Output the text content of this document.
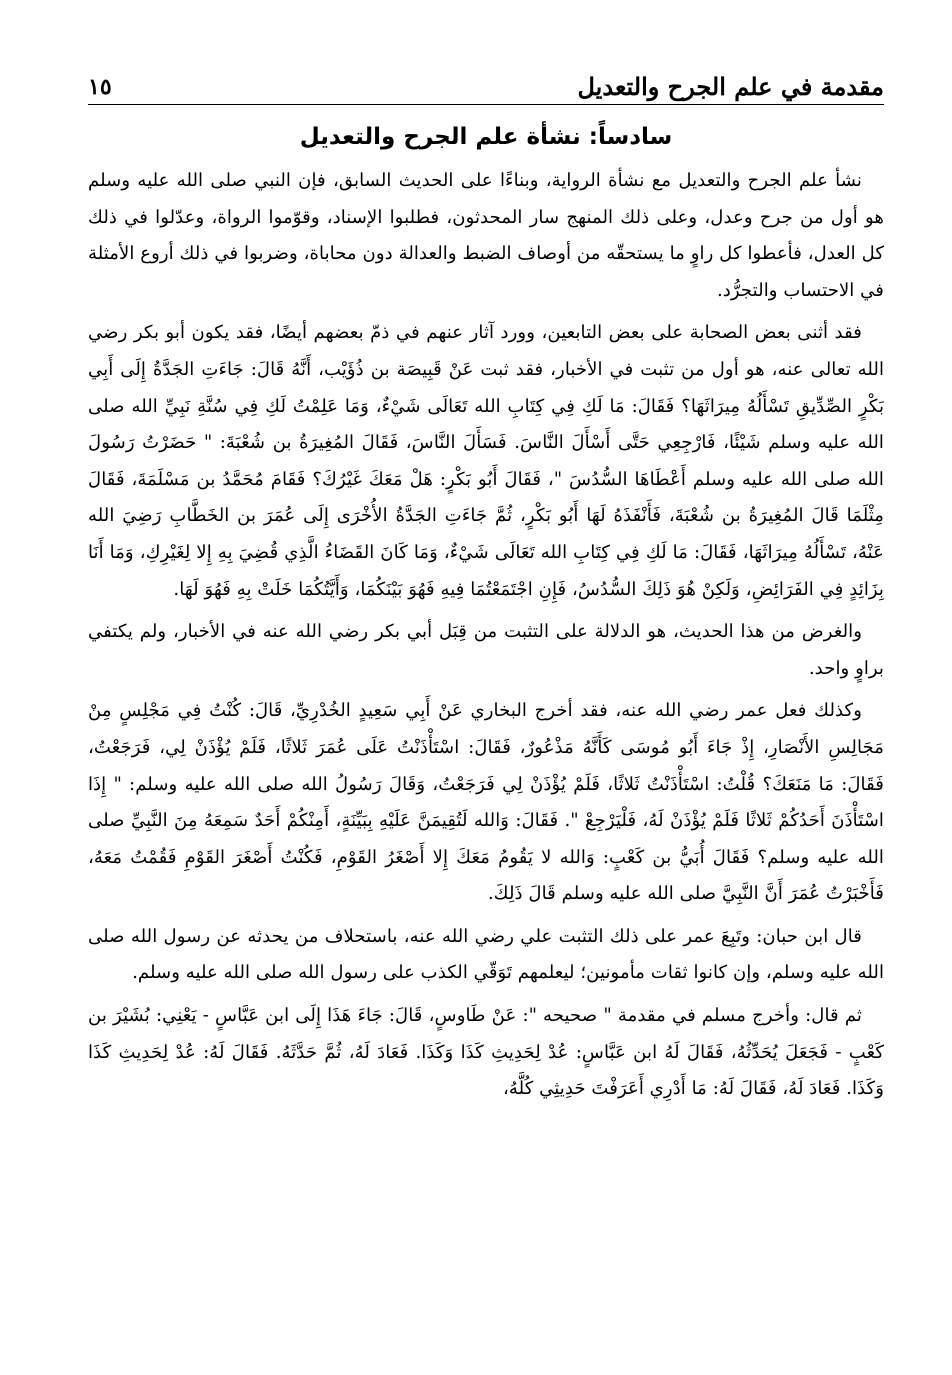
مقدمة في علم الجرح والتعديل
١٥
سادساً: نشأة علم الجرح والتعديل

نشأ علم الجرح والتعديل مع نشأة الرواية، وبناءًا على الحديث السابق، فإن النبي صلى الله عليه وسلم هو أول من جرح وعدل، وعلى ذلك المنهج سار المحدثون، فطلبوا الإسناد، وقوّموا الرواة، وعدّلوا في ذلك كل العدل، فأعطوا كل راوٍ ما يستحقّه من أوصاف الضبط والعدالة دون محاباة، وضربوا في ذلك أروع الأمثلة في الاحتساب والتجرُّد.

فقد أثنى بعض الصحابة على بعض التابعين، وورد آثار عنهم في ذمّ بعضهم أيضًا، فقد يكون أبو بكر رضي الله تعالى عنه، هو أول من تثبت في الأخبار، فقد ثبت عَنْ قَبِيصَة بن ذُؤَيْب، أَنَّهُ قَالَ: جَاءَتِ الجَدَّةُ إِلَى أَبِي بَكْرٍ الصِّدِّيقِ تَسْأَلُهُ مِيرَاثَهَا؟ فَقَالَ: مَا لَكِ فِي كِتَابِ الله تَعَالَى شَيْءٌ، وَمَا عَلِمْتُ لَكِ فِي سُنَّةِ نَبِيِّ الله صلى الله عليه وسلم شَيْئًا، فَارْجِعِي حَتَّى أَسْأَلَ النَّاسَ. فَسَأَلَ النَّاسَ، فَقَالَ المُغِيرَةُ بن شُعْبَةَ: " حَضَرْتُ رَسُولَ الله صلى الله عليه وسلم أَعْطَاهَا السُّدُسَ "، فَقَالَ أَبُو بَكْرٍ: هَلْ مَعَكَ غَيْرُكَ؟ فَقَامَ مُحَمَّدُ بن مَسْلَمَةَ، فَقَالَ مِثْلَمَا قَالَ المُغِيرَةُ بن شُعْبَةَ، فَأَنْفَذَهُ لَهَا أَبُو بَكْرٍ، ثُمَّ جَاءَتِ الجَدَّةُ الأُخْرَى إِلَى عُمَرَ بن الخَطَّابِ رَضِيَ الله عَنْهُ، تَسْأَلُهُ مِيرَاثَهَا، فَقَالَ: مَا لَكِ فِي كِتَابِ الله تَعَالَى شَيْءٌ، وَمَا كَانَ القَضَاءُ الَّذِي قُضِيَ بِهِ إِلا لِغَيْرِكِ، وَمَا أَنَا بِزَائِدٍ فِي الفَرَائِضِ، وَلَكِنْ هُوَ ذَلِكَ السُّدُسُ، فَإِنِ اجْتَمَعْتُمَا فِيهِ فَهُوَ بَيْنَكُمَا، وَأَيَّتُكُمَا خَلَتْ بِهِ فَهُوَ لَهَا.

والغرض من هذا الحديث، هو الدلالة على التثبت من قِبَل أبي بكر رضي الله عنه في الأخبار، ولم يكتفي براوٍ واحد.

وكذلك فعل عمر رضي الله عنه، فقد أخرج البخاري عَنْ أَبِي سَعِيدٍ الخُدْرِيِّ، قَالَ: كُنْتُ فِي مَجْلِسٍ مِنْ مَجَالِسِ الأَنْصَارِ، إِذْ جَاءَ أَبُو مُوسَى كَأَنَّهُ مَذْعُورٌ، فَقَالَ: اسْتَأْذَنْتُ عَلَى عُمَرَ ثَلاثًا، فَلَمْ يُؤْذَنْ لِي، فَرَجَعْتُ، فَقَالَ: مَا مَنَعَكَ؟ قُلْتُ: اسْتَأْذَنْتُ ثَلاثًا، فَلَمْ يُؤْذَنْ لِي فَرَجَعْتُ، وَقَالَ رَسُولُ الله صلى الله عليه وسلم: " إِذَا اسْتَأْذَنَ أَحَدُكُمْ ثَلاثًا فَلَمْ يُؤْذَنْ لَهُ، فَلْيَرْجِعْ ". فَقَالَ: وَالله لَتُقِيمَنَّ عَلَيْهِ بِبَيِّنَةٍ، أَمِنْكُمْ أَحَدٌ سَمِعَهُ مِنَ النَّبِيِّ صلى الله عليه وسلم؟ فَقَالَ أُبَيُّ بن كَعْبٍ: وَالله لا يَقُومُ مَعَكَ إِلا أَصْغَرُ القَوْمِ، فَكُنْتُ أَصْغَرَ القَوْمِ فَقُمْتُ مَعَهُ، فَأَخْبَرْتُ عُمَرَ أَنَّ النَّبِيَّ صلى الله عليه وسلم قَالَ ذَلِكَ.

قال ابن حبان: وتَبِعَ عمر على ذلك التثبت علي رضي الله عنه، باستحلاف من يحدثه عن رسول الله صلى الله عليه وسلم، وإن كانوا ثقات مأمونين؛ ليعلمهم تَوَقّي الكذب على رسول الله صلى الله عليه وسلم.

ثم قال: وأخرج مسلم في مقدمة " صحيحه ": عَنْ طَاوسٍ، قَالَ: جَاءَ هَذَا إِلَى ابن عَبَّاسٍ - يَعْنِي: بُشَيْرَ بن كَعْبٍ - فَجَعَلَ يُحَدِّثُهُ، فَقَالَ لَهُ ابن عَبَّاسٍ: عُدْ لِحَدِيثِ كَذَا وَكَذَا. فَعَادَ لَهُ، ثُمَّ حَدَّثَهُ. فَقَالَ لَهُ: عُدْ لِحَدِيثِ كَذَا وَكَذَا. فَعَادَ لَهُ، فَقَالَ لَهُ: مَا أَدْرِي أَعَرَفْتَ حَدِيثِي كُلَّهُ،
